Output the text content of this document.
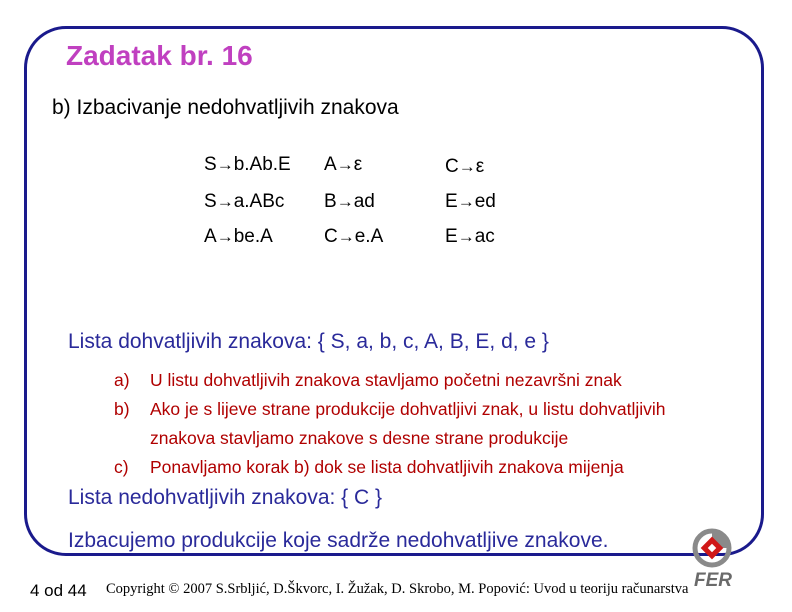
Zadatak br. 16
b) Izbacivanje nedohvatljivih znakova
S→b.Ab.E
S→a.ABc
A→be.A
A→ε
B→ad
C→e.A
C→ε
E→ed
E→ac
Lista dohvatljivih znakova: { S, a, b, c, A, B, E, d, e }
a) U listu dohvatljivih znakova stavljamo početni nezavršni znak
b) Ako je s lijeve strane produkcije dohvatljivi znak, u listu dohvatljivih
znakova stavljamo znakove s desne strane produkcije
c) Ponavljamo korak b) dok se lista dohvatljivih znakova mijenja
Lista nedohvatljivih znakova: { C }
Izbacujemo produkcije koje sadrže nedohvatljive znakove.
4 od 44 Copyright © 2007 S.Srbljić, D.Škvorc, I. Žužak, D. Skrobo, M. Popović: Uvod u teoriju računarstva FER
